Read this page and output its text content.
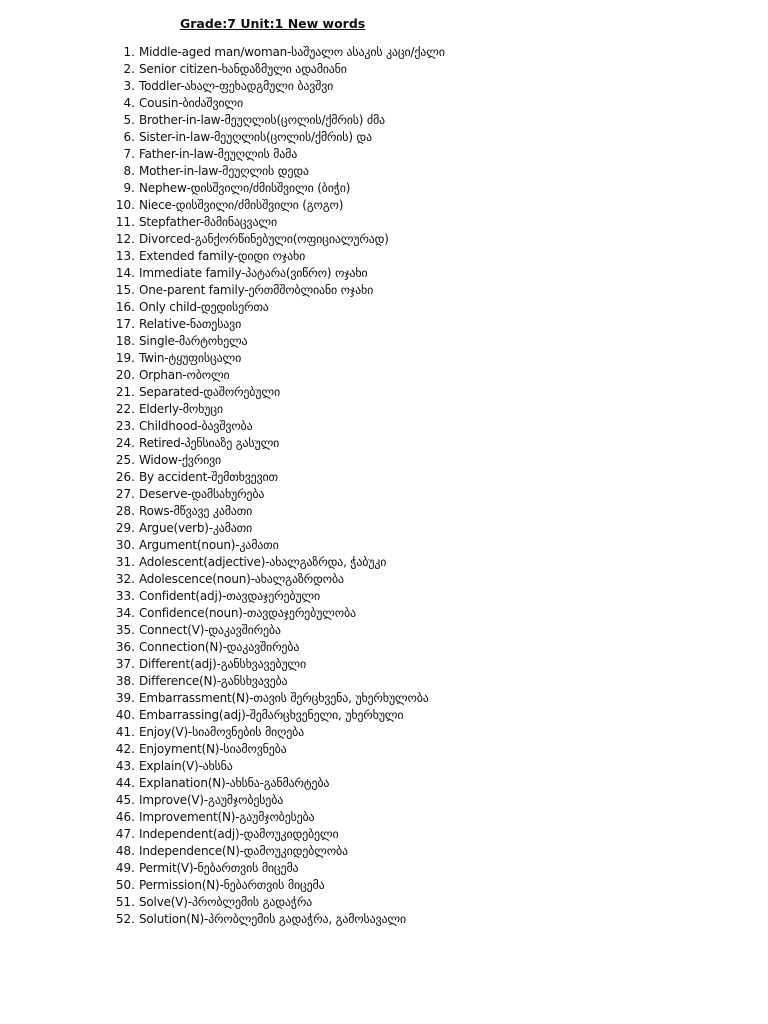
Grade:7 Unit:1 New words
1. Middle-aged man/woman-საშუალო ასაკის კაცი/ქალი
2. Senior citizen-ხანდაზმული ადამიანი
3. Toddler-ახალ-ფეხადგმული ბავშვი
4. Cousin-ბიძაშვილი
5. Brother-in-law-მეუღლის(ცოლის/ქმრის) ძმა
6. Sister-in-law-მეუღლის(ცოლის/ქმრის) და
7. Father-in-law-მეუღლის მამა
8. Mother-in-law-მეუღლის დედა
9. Nephew-დისშვილი/ძმისშვილი (ბიჭი)
10. Niece-დისშვილი/ძმისშვილი (გოგო)
11. Stepfather-მამინაცვალი
12. Divorced-განქორწინებული(ოფიციალურად)
13. Extended family-დიდი ოჯახი
14. Immediate family-პატარა(ვიწრო) ოჯახი
15. One-parent family-ერთმშობლიანი ოჯახი
16. Only child-დედისერთა
17. Relative-ნათესავი
18. Single-მარტოხელა
19. Twin-ტყუფისცალი
20. Orphan-ობოლი
21. Separated-დაშორებული
22. Elderly-მოხუცი
23. Childhood-ბავშვობა
24. Retired-პენსიაზე გასული
25. Widow-ქვრივი
26. By accident-შემთხვევით
27. Deserve-დამსახურება
28. Rows-მწვავე კამათი
29. Argue(verb)-კამათი
30. Argument(noun)-კამათი
31. Adolescent(adjective)-ახალგაზრდა, ჭაბუკი
32. Adolescence(noun)-ახალგაზრდობა
33. Confident(adj)-თავდაჯერებული
34. Confidence(noun)-თავდაჯერებულობა
35. Connect(V)-დაკავშირება
36. Connection(N)-დაკავშირება
37. Different(adj)-განსხვავებული
38. Difference(N)-განსხვავება
39. Embarrassment(N)-თავის შერცხვენა, უხერხულობა
40. Embarrassing(adj)-შემარცხვენელი, უხერხული
41. Enjoy(V)-სიამოვნების მიღება
42. Enjoyment(N)-სიამოვნება
43. Explain(V)-ახსნა
44. Explanation(N)-ახსნა-განმარტება
45. Improve(V)-გაუმჯობესება
46. Improvement(N)-გაუმჯობესება
47. Independent(adj)-დამოუკიდებელი
48. Independence(N)-დამოუკიდებლობა
49. Permit(V)-ნებართვის მიცემა
50. Permission(N)-ნებართვის მიცემა
51. Solve(V)-პრობლემის გადაჭრა
52. Solution(N)-პრობლემის გადაჭრა, გამოსავალი
